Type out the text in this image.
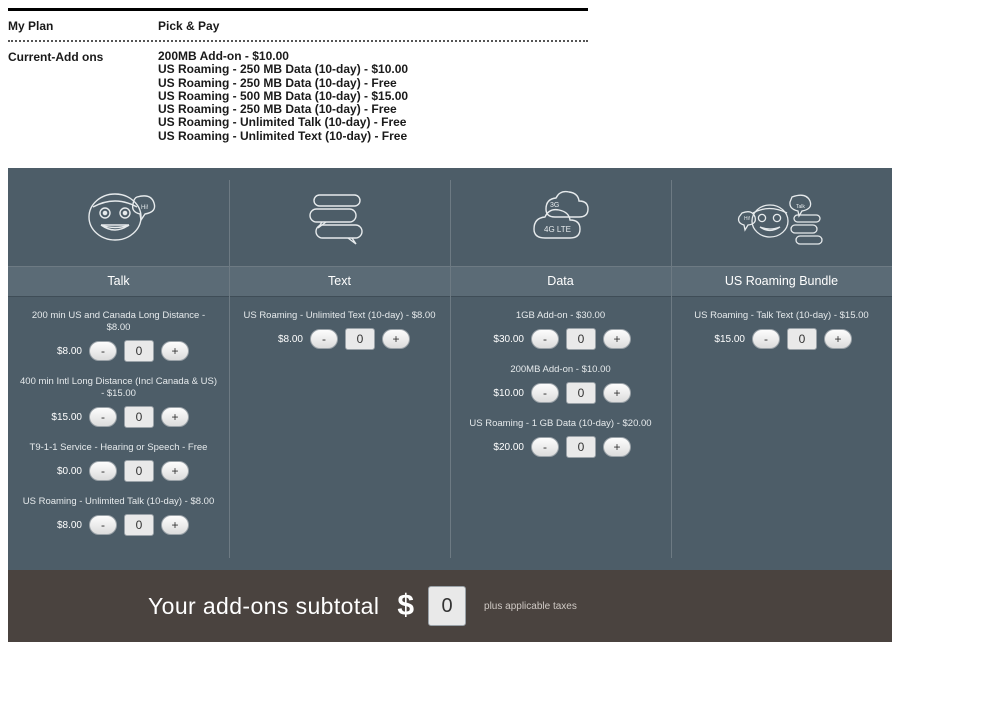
My Plan	Pick & Pay
Current-Add ons	200MB Add-on - $10.00
US Roaming - 250 MB Data (10-day) - $10.00
US Roaming - 250 MB Data (10-day) - Free
US Roaming - 500 MB Data (10-day) - $15.00
US Roaming - 250 MB Data (10-day) - Free
US Roaming - Unlimited Talk (10-day) - Free
US Roaming - Unlimited Text (10-day) - Free
Hi!
Talk
200 min US and Canada Long Distance - $8.00
$8.00	-	0	+
400 min Intl Long Distance (Incl Canada & US) - $15.00
$15.00	-	0	+
T9-1-1 Service - Hearing or Speech - Free
$0.00	-	0	+
US Roaming - Unlimited Talk (10-day) - $8.00
$8.00	-	0	+
Text
US Roaming - Unlimited Text (10-day) - $8.00
$8.00	-	0	+
3G
4G LTE
Data
1GB Add-on - $30.00
$30.00	-	0	+
200MB Add-on - $10.00
$10.00	-	0	+
US Roaming - 1 GB Data (10-day) - $20.00
$20.00	-	0	+
Hi!
Talk
US Roaming Bundle
US Roaming - Talk Text (10-day) - $15.00
$15.00	-	0	+
Your add-ons subtotal $	0	plus applicable taxes
